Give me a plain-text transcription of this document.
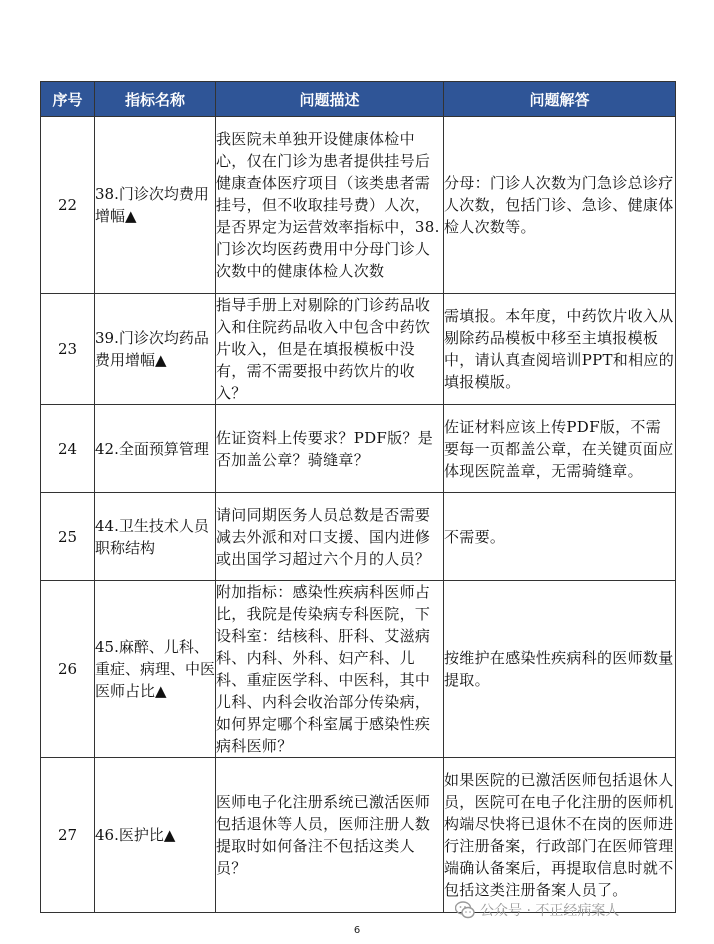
序号	指标名称	问题描述	问题解答
22	38.门诊次均费用增幅▲	我医院未单独开设健康体检中心，仅在门诊为患者提供挂号后健康查体医疗项目（该类患者需挂号，但不收取挂号费）人次，是否界定为运营效率指标中，38.门诊次均医药费用中分母门诊人次数中的健康体检人次数	分母：门诊人次数为门急诊总诊疗人次数，包括门诊、急诊、健康体检人次数等。
23	39.门诊次均药品费用增幅▲	指导手册上对剔除的门诊药品收入和住院药品收入中包含中药饮片收入，但是在填报模板中没有，需不需要报中药饮片的收入？	需填报。本年度，中药饮片收入从剔除药品模板中移至主填报模板中，请认真查阅培训PPT和相应的填报模版。
24	42.全面预算管理	佐证资料上传要求？PDF版？是否加盖公章？骑缝章？	佐证材料应该上传PDF版，不需要每一页都盖公章，在关键页面应体现医院盖章，无需骑缝章。
25	44.卫生技术人员职称结构	请问同期医务人员总数是否需要减去外派和对口支援、国内进修或出国学习超过六个月的人员？	不需要。
26	45.麻醉、儿科、重症、病理、中医医师占比▲	附加指标：感染性疾病科医师占比，我院是传染病专科医院，下设科室：结核科、肝科、艾滋病科、内科、外科、妇产科、儿科、重症医学科、中医科，其中儿科、内科会收治部分传染病，如何界定哪个科室属于感染性疾病科医师？	按维护在感染性疾病科的医师数量提取。
27	46.医护比▲	医师电子化注册系统已激活医师包括退休等人员，医师注册人数提取时如何备注不包括这类人员？	如果医院的已激活医师包括退休人员，医院可在电子化注册的医师机构端尽快将已退休不在岗的医师进行注册备案，行政部门在医师管理端确认备案后，再提取信息时就不包括这类注册备案人员了。
公众号 · 不正经病案人
6
